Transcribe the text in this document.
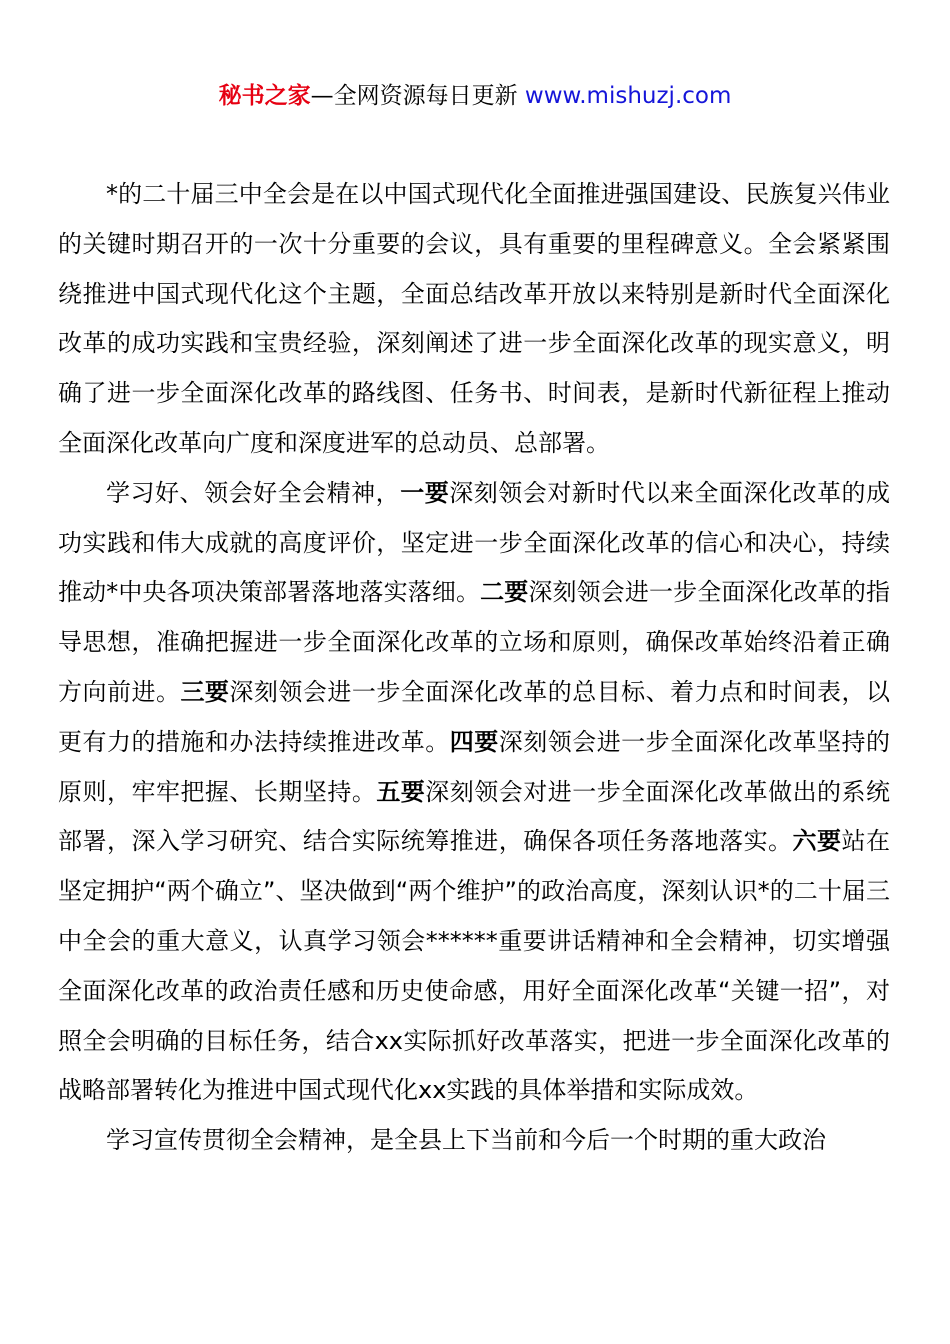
秘书之家—全网资源每日更新 www.mishuzj.com

*的二十届三中全会是在以中国式现代化全面推进强国建设、民族复兴伟业的关键时期召开的一次十分重要的会议，具有重要的里程碑意义。全会紧紧围绕推进中国式现代化这个主题，全面总结改革开放以来特别是新时代全面深化改革的成功实践和宝贵经验，深刻阐述了进一步全面深化改革的现实意义，明确了进一步全面深化改革的路线图、任务书、时间表，是新时代新征程上推动全面深化改革向广度和深度进军的总动员、总部署。

学习好、领会好全会精神，一要深刻领会对新时代以来全面深化改革的成功实践和伟大成就的高度评价，坚定进一步全面深化改革的信心和决心，持续推动*中央各项决策部署落地落实落细。二要深刻领会进一步全面深化改革的指导思想，准确把握进一步全面深化改革的立场和原则，确保改革始终沿着正确方向前进。三要深刻领会进一步全面深化改革的总目标、着力点和时间表，以更有力的措施和办法持续推进改革。四要深刻领会进一步全面深化改革坚持的原则，牢牢把握、长期坚持。五要深刻领会对进一步全面深化改革做出的系统部署，深入学习研究、结合实际统筹推进，确保各项任务落地落实。六要站在坚定拥护“两个确立”、坚决做到“两个维护”的政治高度，深刻认识*的二十届三中全会的重大意义，认真学习领会******重要讲话精神和全会精神，切实增强全面深化改革的政治责任感和历史使命感，用好全面深化改革“关键一招”，对照全会明确的目标任务，结合xx实际抓好改革落实，把进一步全面深化改革的战略部署转化为推进中国式现代化xx实践的具体举措和实际成效。

学习宣传贯彻全会精神，是全县上下当前和今后一个时期的重大政治
